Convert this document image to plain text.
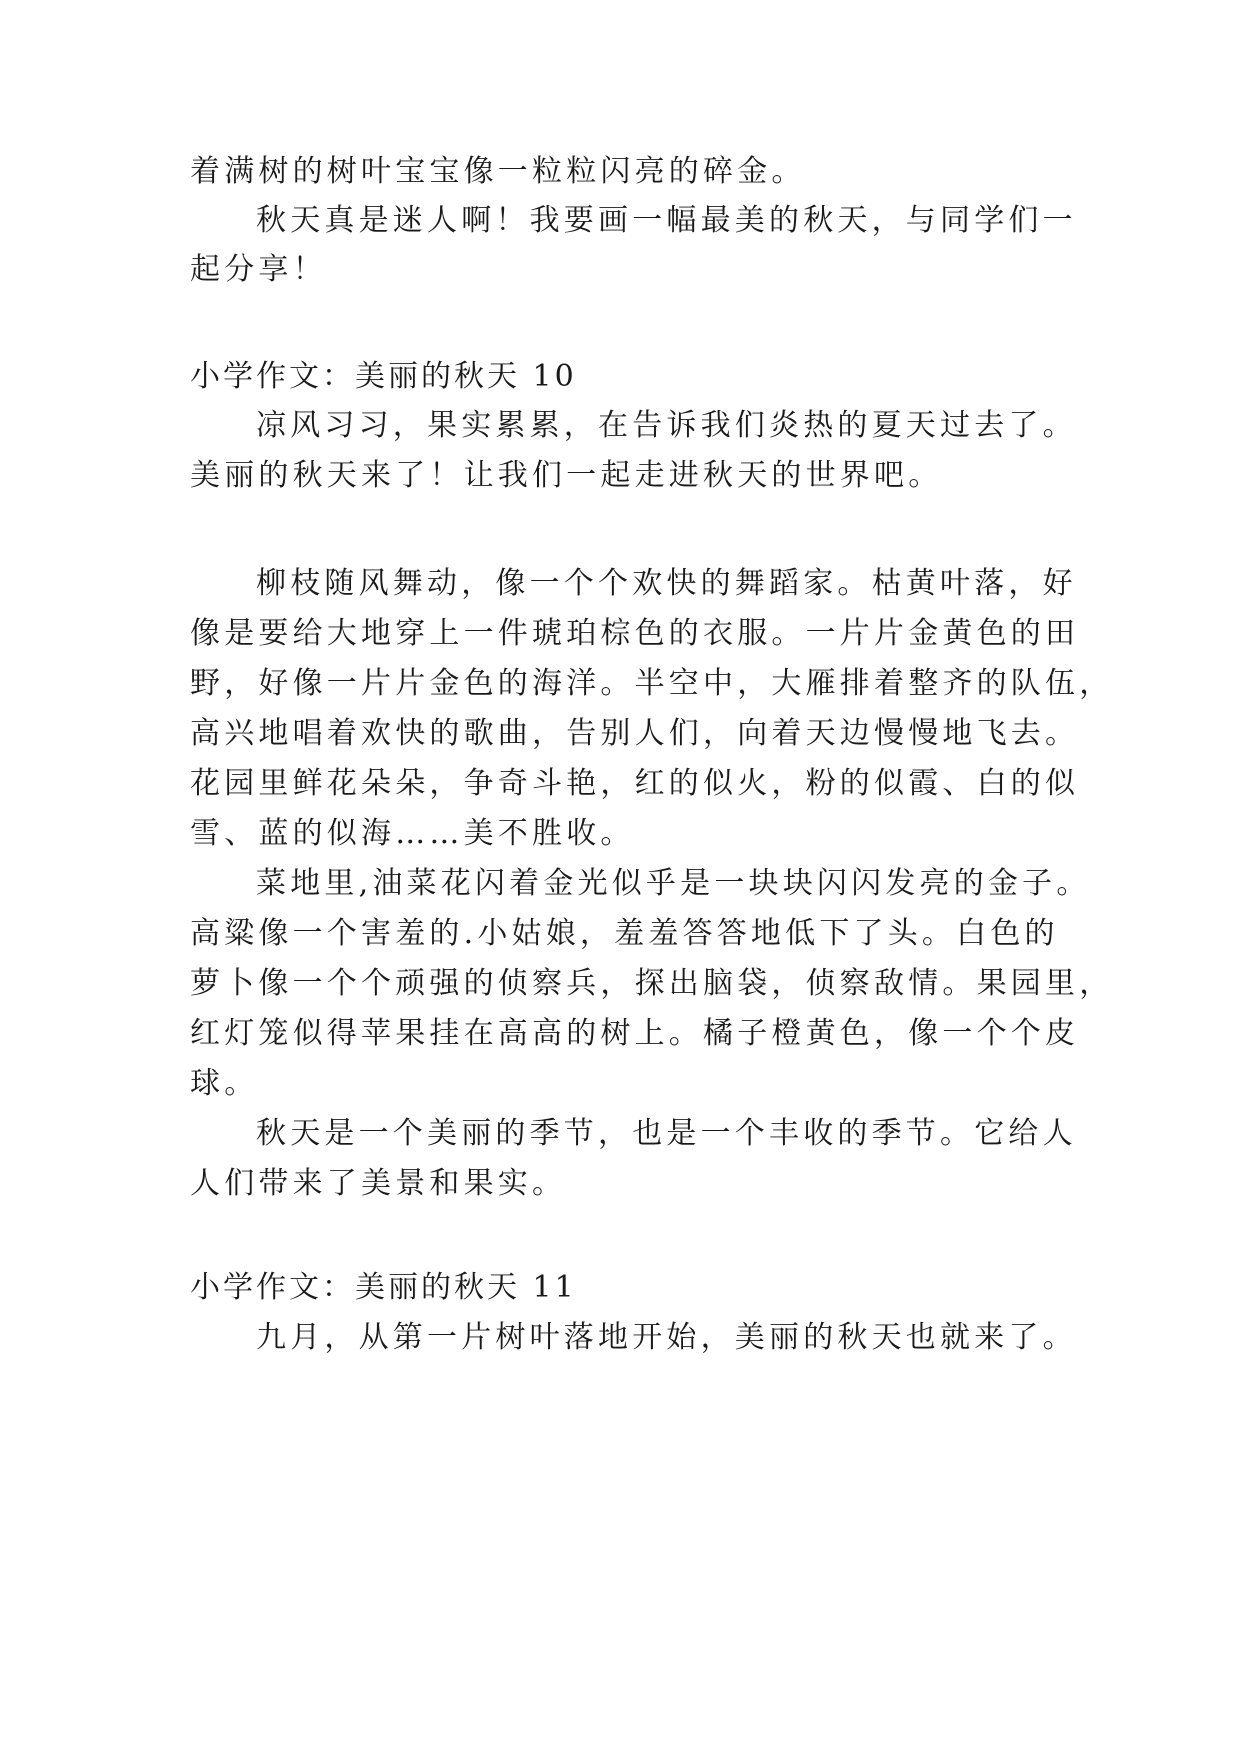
着满树的树叶宝宝像一粒粒闪亮的碎金。
秋天真是迷人啊！我要画一幅最美的秋天，与同学们一
起分享！
小学作文：美丽的秋天 10
凉风习习，果实累累，在告诉我们炎热的夏天过去了。
美丽的秋天来了！让我们一起走进秋天的世界吧。
柳枝随风舞动，像一个个欢快的舞蹈家。枯黄叶落，好
像是要给大地穿上一件琥珀棕色的衣服。一片片金黄色的田
野，好像一片片金色的海洋。半空中，大雁排着整齐的队伍，
高兴地唱着欢快的歌曲，告别人们，向着天边慢慢地飞去。
花园里鲜花朵朵，争奇斗艳，红的似火，粉的似霞、白的似
雪、蓝的似海……美不胜收。
菜地里,油菜花闪着金光似乎是一块块闪闪发亮的金子。
高粱像一个害羞的.小姑娘，羞羞答答地低下了头。白色的
萝卜像一个个顽强的侦察兵，探出脑袋，侦察敌情。果园里，
红灯笼似得苹果挂在高高的树上。橘子橙黄色，像一个个皮
球。
秋天是一个美丽的季节，也是一个丰收的季节。它给人
人们带来了美景和果实。
小学作文：美丽的秋天 11
九月，从第一片树叶落地开始，美丽的秋天也就来了。
